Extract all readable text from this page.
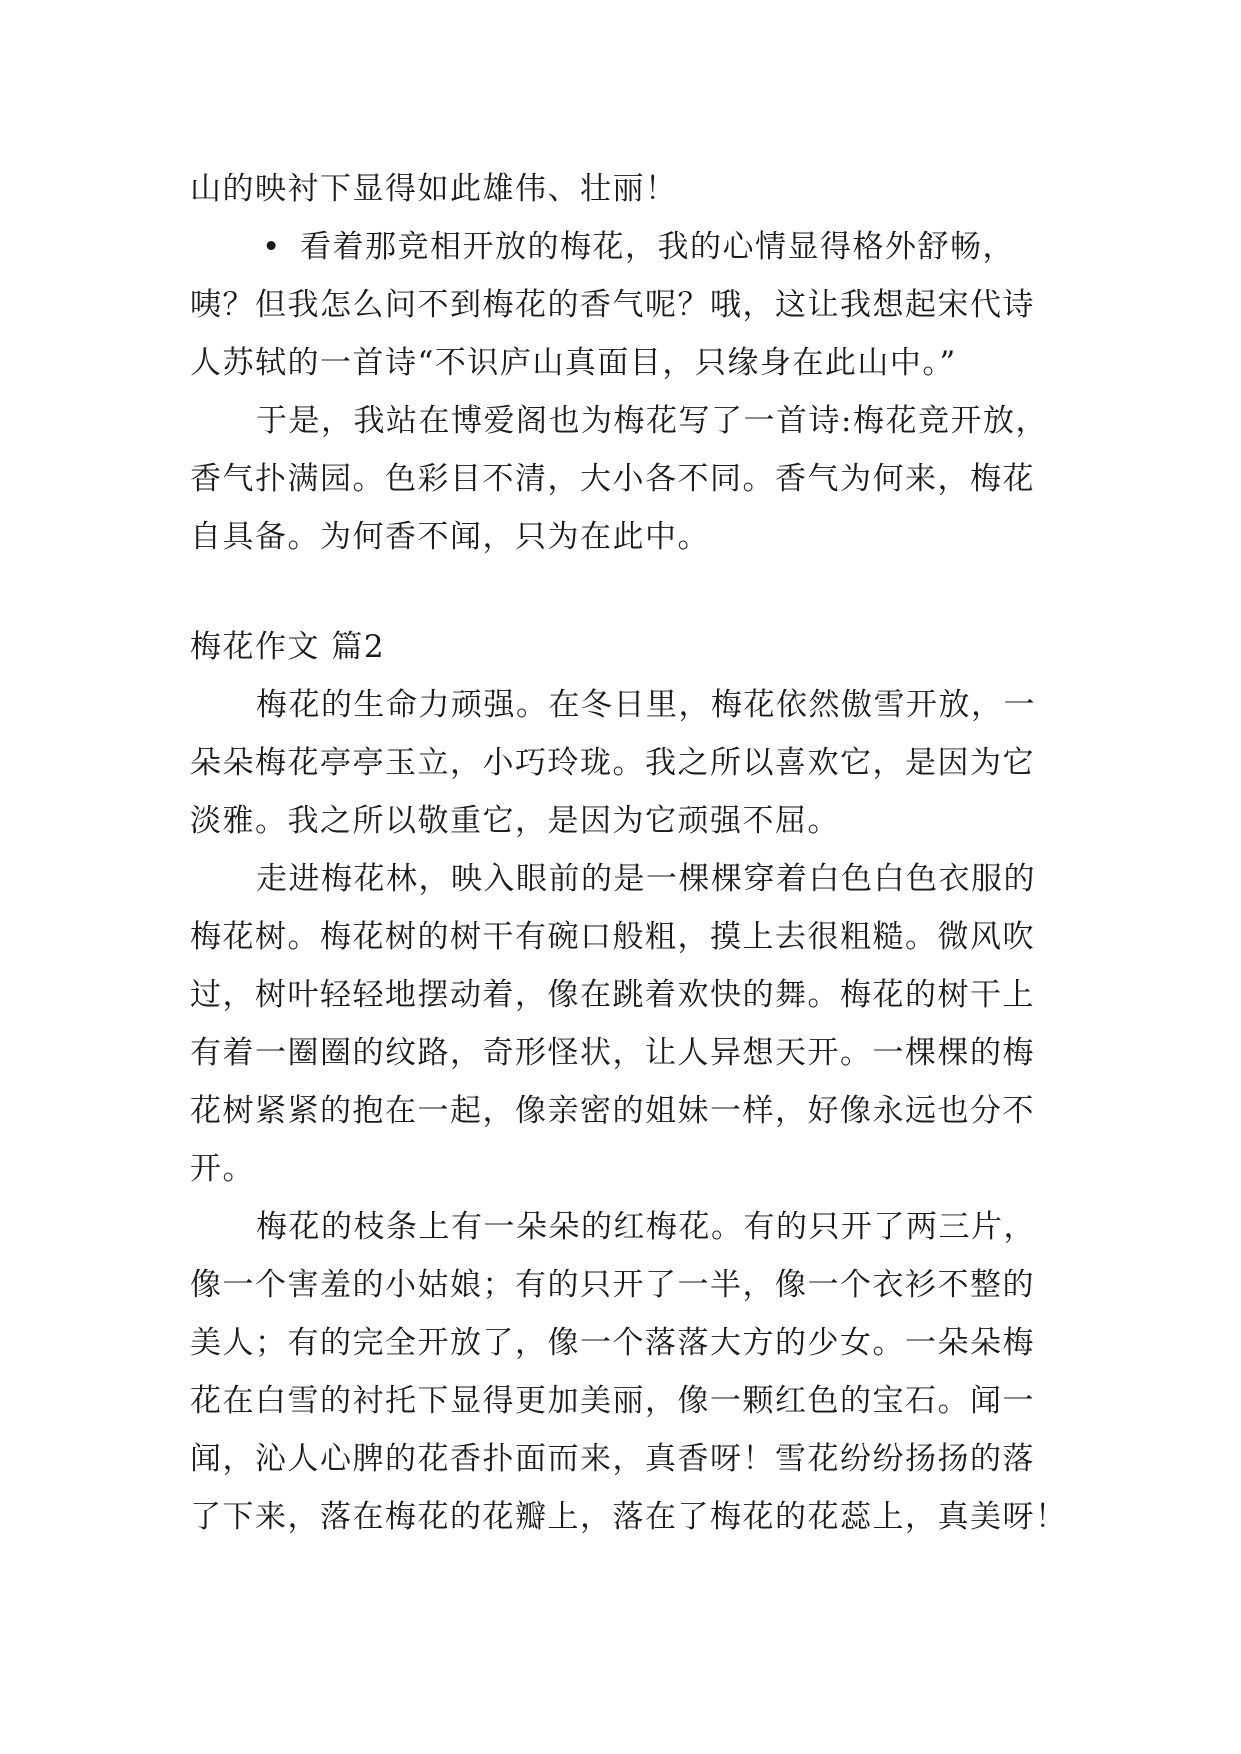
山的映衬下显得如此雄伟、壮丽！
• 看着那竞相开放的梅花，我的心情显得格外舒畅，
咦？但我怎么问不到梅花的香气呢？哦，这让我想起宋代诗
人苏轼的一首诗“不识庐山真面目，只缘身在此山中。”
于是，我站在博爱阁也为梅花写了一首诗:梅花竞开放，
香气扑满园。色彩目不清，大小各不同。香气为何来，梅花
自具备。为何香不闻，只为在此中。
梅花作文 篇2
梅花的生命力顽强。在冬日里，梅花依然傲雪开放，一
朵朵梅花亭亭玉立，小巧玲珑。我之所以喜欢它，是因为它
淡雅。我之所以敬重它，是因为它顽强不屈。
走进梅花林，映入眼前的是一棵棵穿着白色白色衣服的
梅花树。梅花树的树干有碗口般粗，摸上去很粗糙。微风吹
过，树叶轻轻地摆动着，像在跳着欢快的舞。梅花的树干上
有着一圈圈的纹路，奇形怪状，让人异想天开。一棵棵的梅
花树紧紧的抱在一起，像亲密的姐妹一样，好像永远也分不
开。
梅花的枝条上有一朵朵的红梅花。有的只开了两三片，
像一个害羞的小姑娘；有的只开了一半，像一个衣衫不整的
美人；有的完全开放了，像一个落落大方的少女。一朵朵梅
花在白雪的衬托下显得更加美丽，像一颗红色的宝石。闻一
闻，沁人心脾的花香扑面而来，真香呀！雪花纷纷扬扬的落
了下来，落在梅花的花瓣上，落在了梅花的花蕊上，真美呀！
